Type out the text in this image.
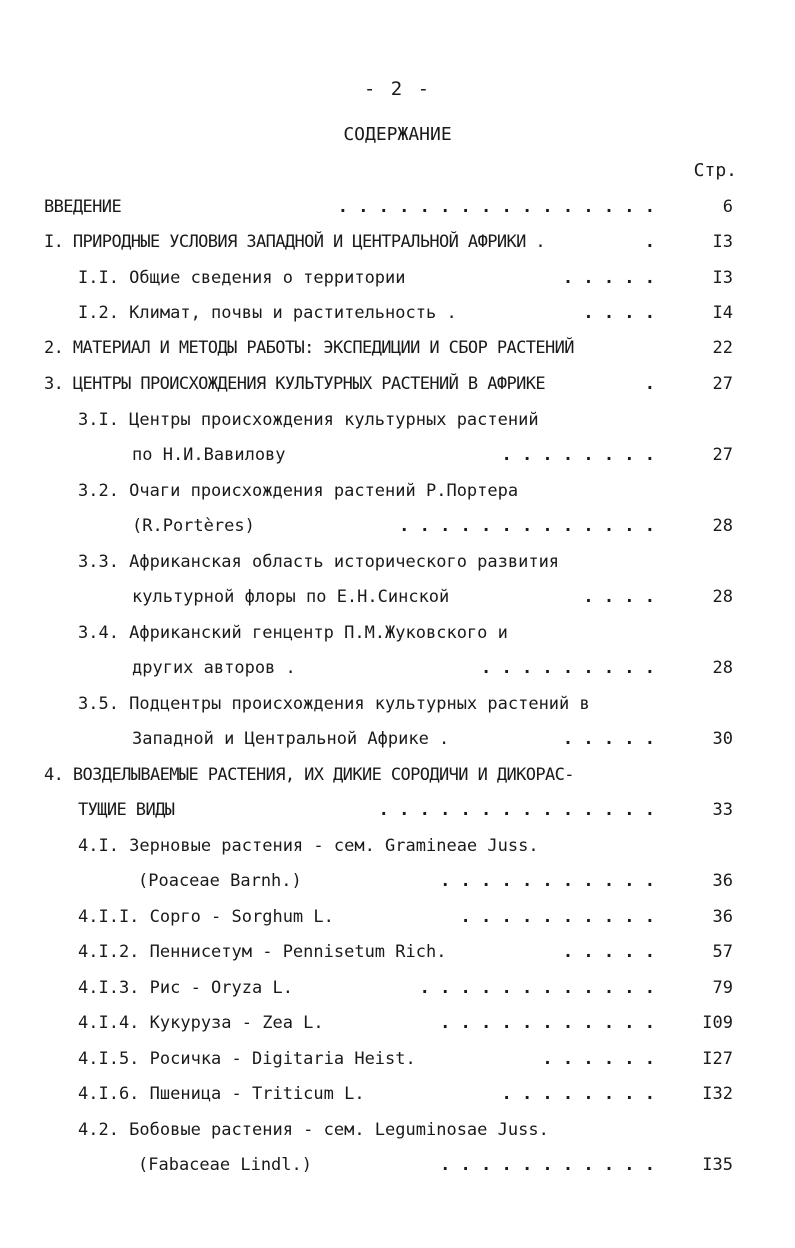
- 2 -
СОДЕРЖАНИЕ
Стр.
ВВЕДЕНИЕ	. . . . . . . . . . . . . . . .	6
I. ПРИРОДНЫЕ УСЛОВИЯ ЗАПАДНОЙ И ЦЕНТРАЛЬНОЙ АФРИКИ .	.	I3
I.I. Общие сведения о территории	. . . . .	I3
I.2. Климат, почвы и растительность .	. . . .	I4
2. МАТЕРИАЛ И МЕТОДЫ РАБОТЫ: ЭКСПЕДИЦИИ И СБОР РАСТЕНИЙ	22
3. ЦЕНТРЫ ПРОИСХОЖДЕНИЯ КУЛЬТУРНЫХ РАСТЕНИЙ В АФРИКЕ	.	27
3.I. Центры происхождения культурных растений
по Н.И.Вавилову	. . . . . . . .	27
3.2. Очаги происхождения растений Р.Портера
(R.Portères)	. . . . . . . . . . . . .	28
3.3. Африканская область исторического развития
культурной флоры по Е.Н.Синской	. . . .	28
3.4. Африканский генцентр П.М.Жуковского и
других авторов .	. . . . . . . . .	28
3.5. Подцентры происхождения культурных растений в
Западной и Центральной Африке .	. . . . .	30
4. ВОЗДЕЛЫВАЕМЫЕ РАСТЕНИЯ, ИХ ДИКИЕ СОРОДИЧИ И ДИКОРАС-
ТУЩИЕ ВИДЫ	. . . . . . . . . . . . . .	33
4.I. Зерновые растения - сем. Gramineae Juss.
(Poaceae Barnh.)	. . . . . . . . . . .	36
4.I.I. Сорго - Sorghum L.	. . . . . . . . . .	36
4.I.2. Пеннисетум - Pennisetum Rich.	. . . . .	57
4.I.3. Рис - Oryza L.	. . . . . . . . . . . .	79
4.I.4. Кукуруза - Zea L.	. . . . . . . . . . .	I09
4.I.5. Росичка - Digitaria Heist.	. . . . . .	I27
4.I.6. Пшеница - Triticum L.	. . . . . . . .	I32
4.2. Бобовые растения - сем. Leguminosae Juss.
(Fabaceae Lindl.)	. . . . . . . . . . .	I35
